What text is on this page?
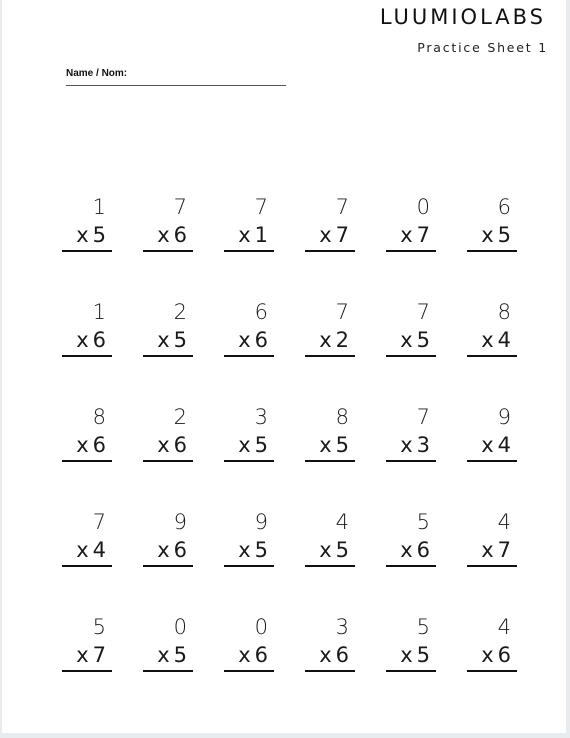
LUUMIOLABS
Practice Sheet 1
Name / Nom:
1
x 5
7
x 6
7
x 1
7
x 7
0
x 7
6
x 5
1
x 6
2
x 5
6
x 6
7
x 2
7
x 5
8
x 4
8
x 6
2
x 6
3
x 5
8
x 5
7
x 3
9
x 4
7
x 4
9
x 6
9
x 5
4
x 5
5
x 6
4
x 7
5
x 7
0
x 5
0
x 6
3
x 6
5
x 5
4
x 6
